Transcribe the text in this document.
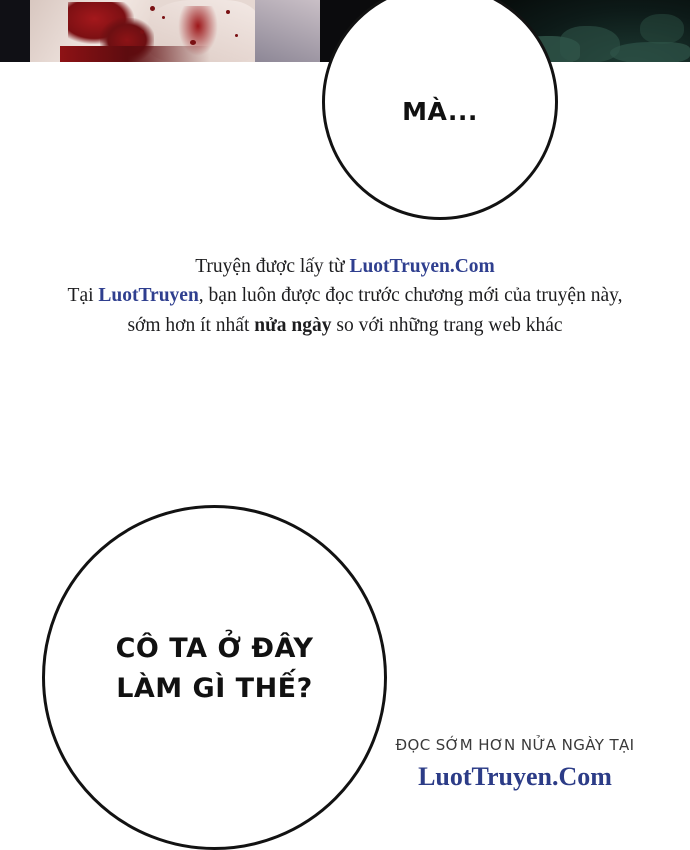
MÀ...
Truyện được lấy từ LuotTruyen.Com
Tại LuotTruyen, bạn luôn được đọc trước chương mới của truyện này,
sớm hơn ít nhất nửa ngày so với những trang web khác
CÔ TA Ở ĐÂY
LÀM GÌ THẾ?
ĐỌC SỚM HƠN NỬA NGÀY TẠI
LuotTruyen.Com
